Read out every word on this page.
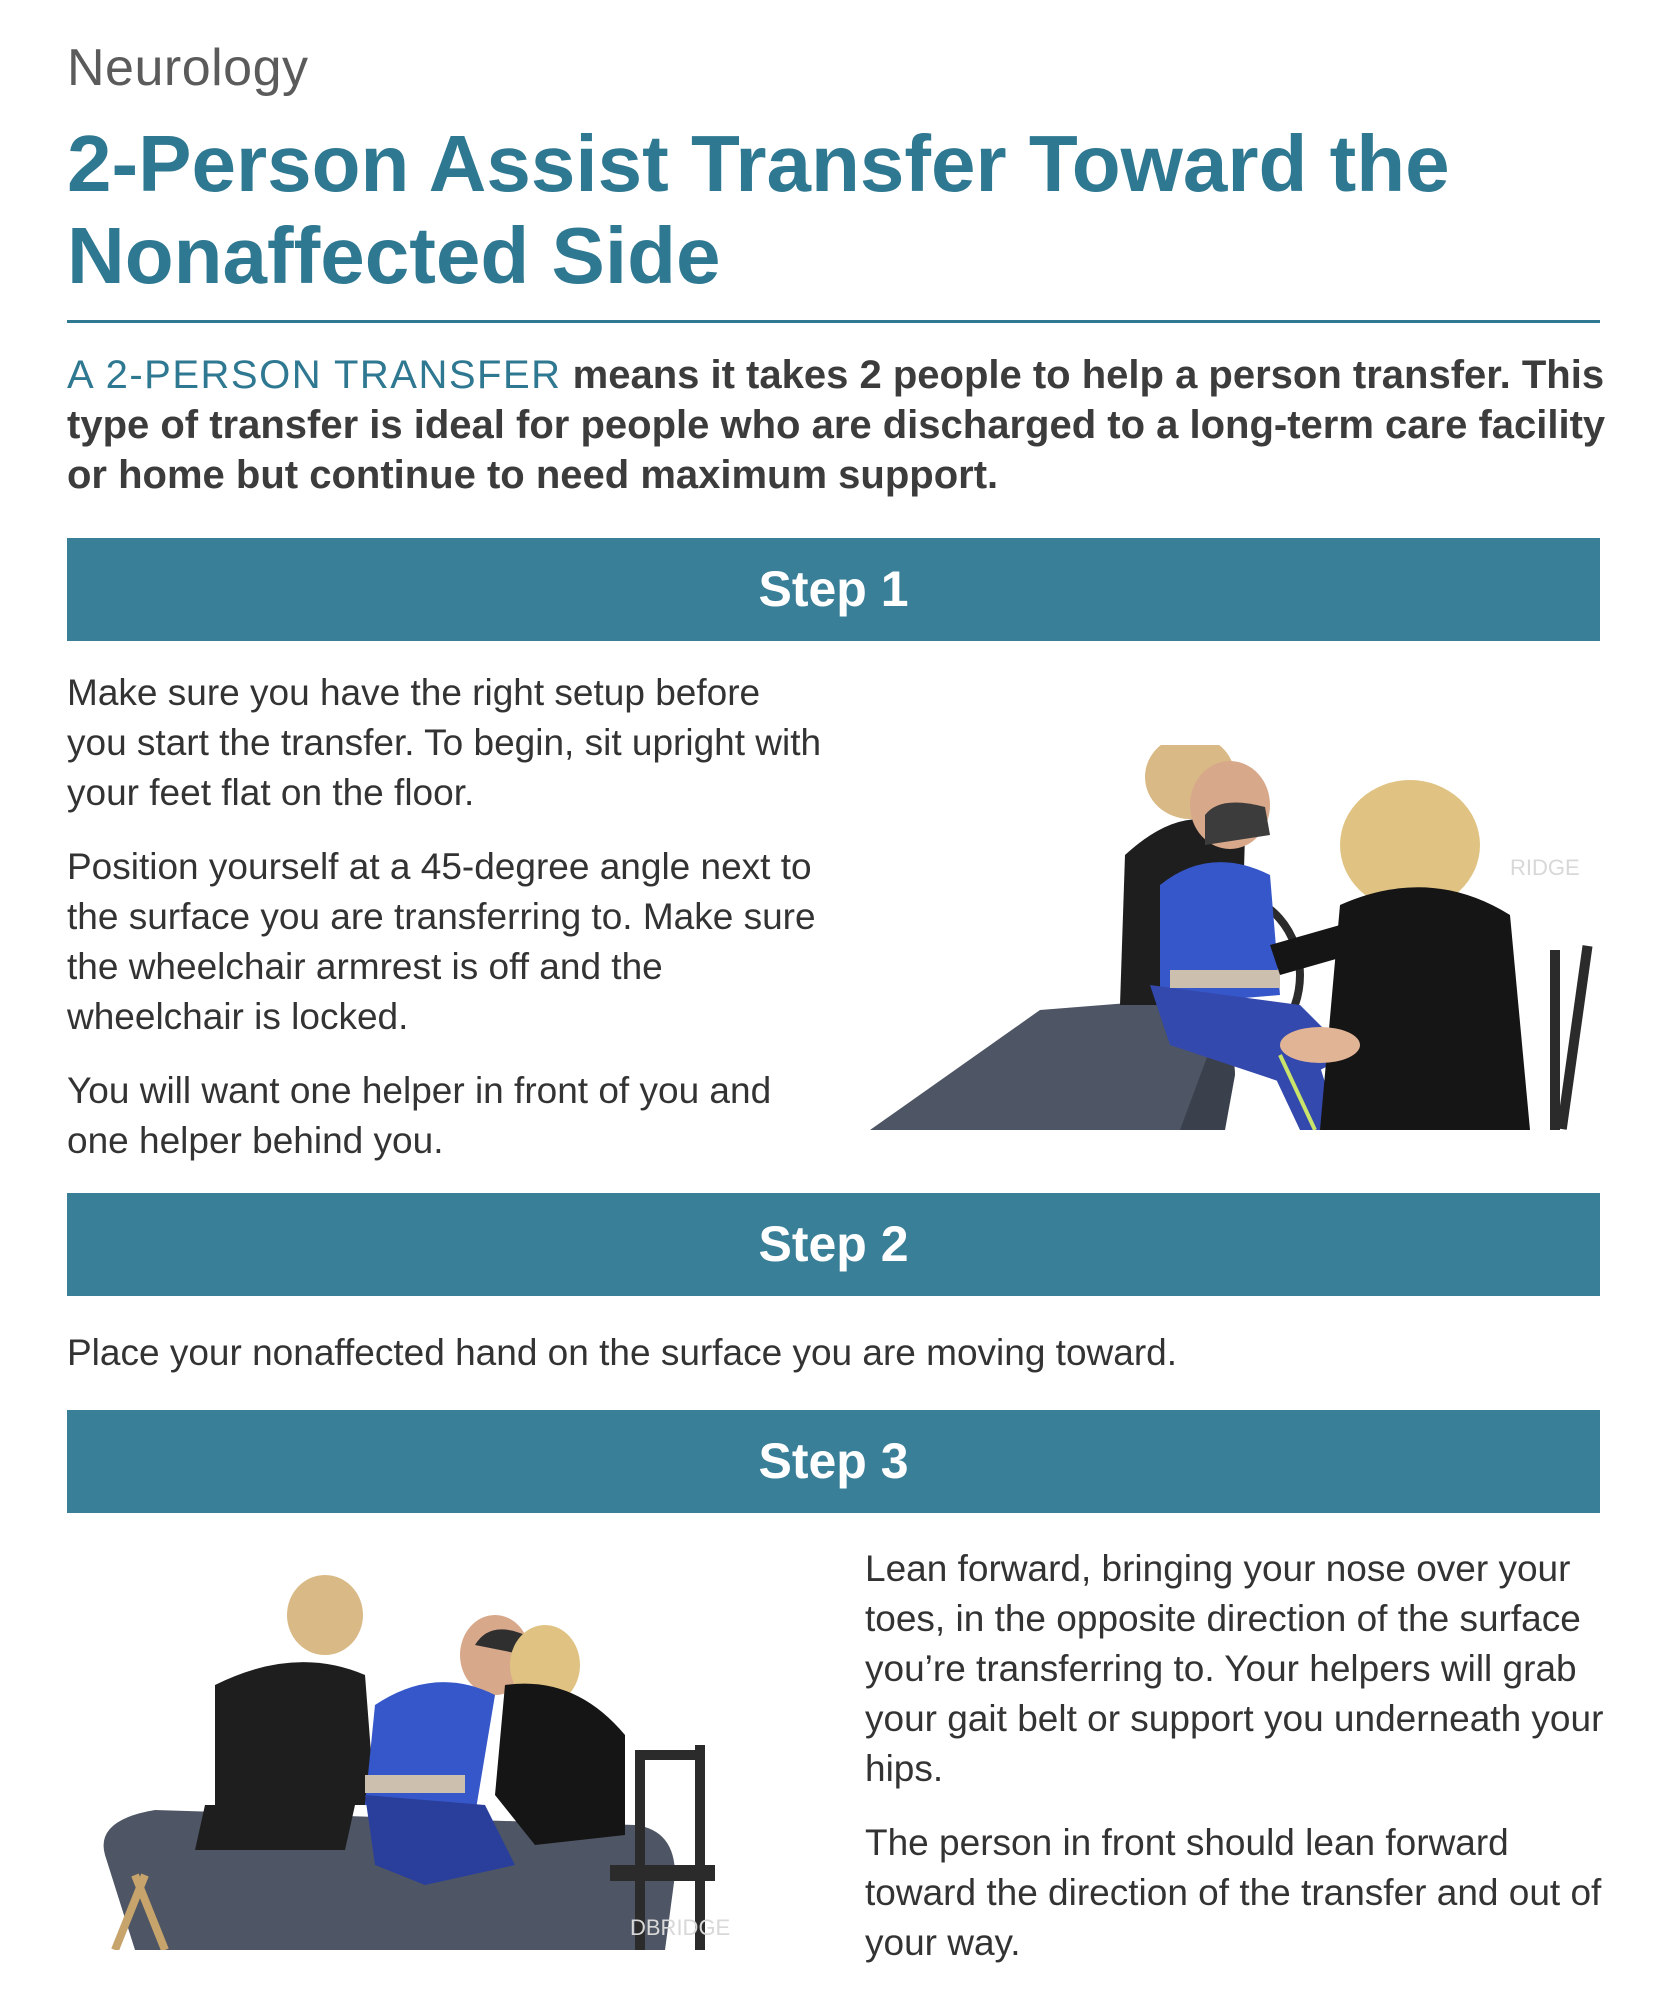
Neurology
2-Person Assist Transfer Toward the Nonaffected Side
A 2-PERSON TRANSFER means it takes 2 people to help a person transfer. This type of transfer is ideal for people who are discharged to a long-term care facility or home but continue to need maximum support.
Step 1

Make sure you have the right setup before you start the transfer. To begin, sit upright with your feet flat on the floor.

Position yourself at a 45-degree angle next to the surface you are transferring to. Make sure the wheelchair armrest is off and the wheelchair is locked.

You will want one helper in front of you and one helper behind you.

RIDGE
Step 2

Place your nonaffected hand on the surface you are moving toward.

Step 3
DBRIDGE

Lean forward, bringing your nose over your toes, in the opposite direction of the surface you’re transferring to. Your helpers will grab your gait belt or support you underneath your hips.

The person in front should lean forward toward the direction of the transfer and out of your way.
